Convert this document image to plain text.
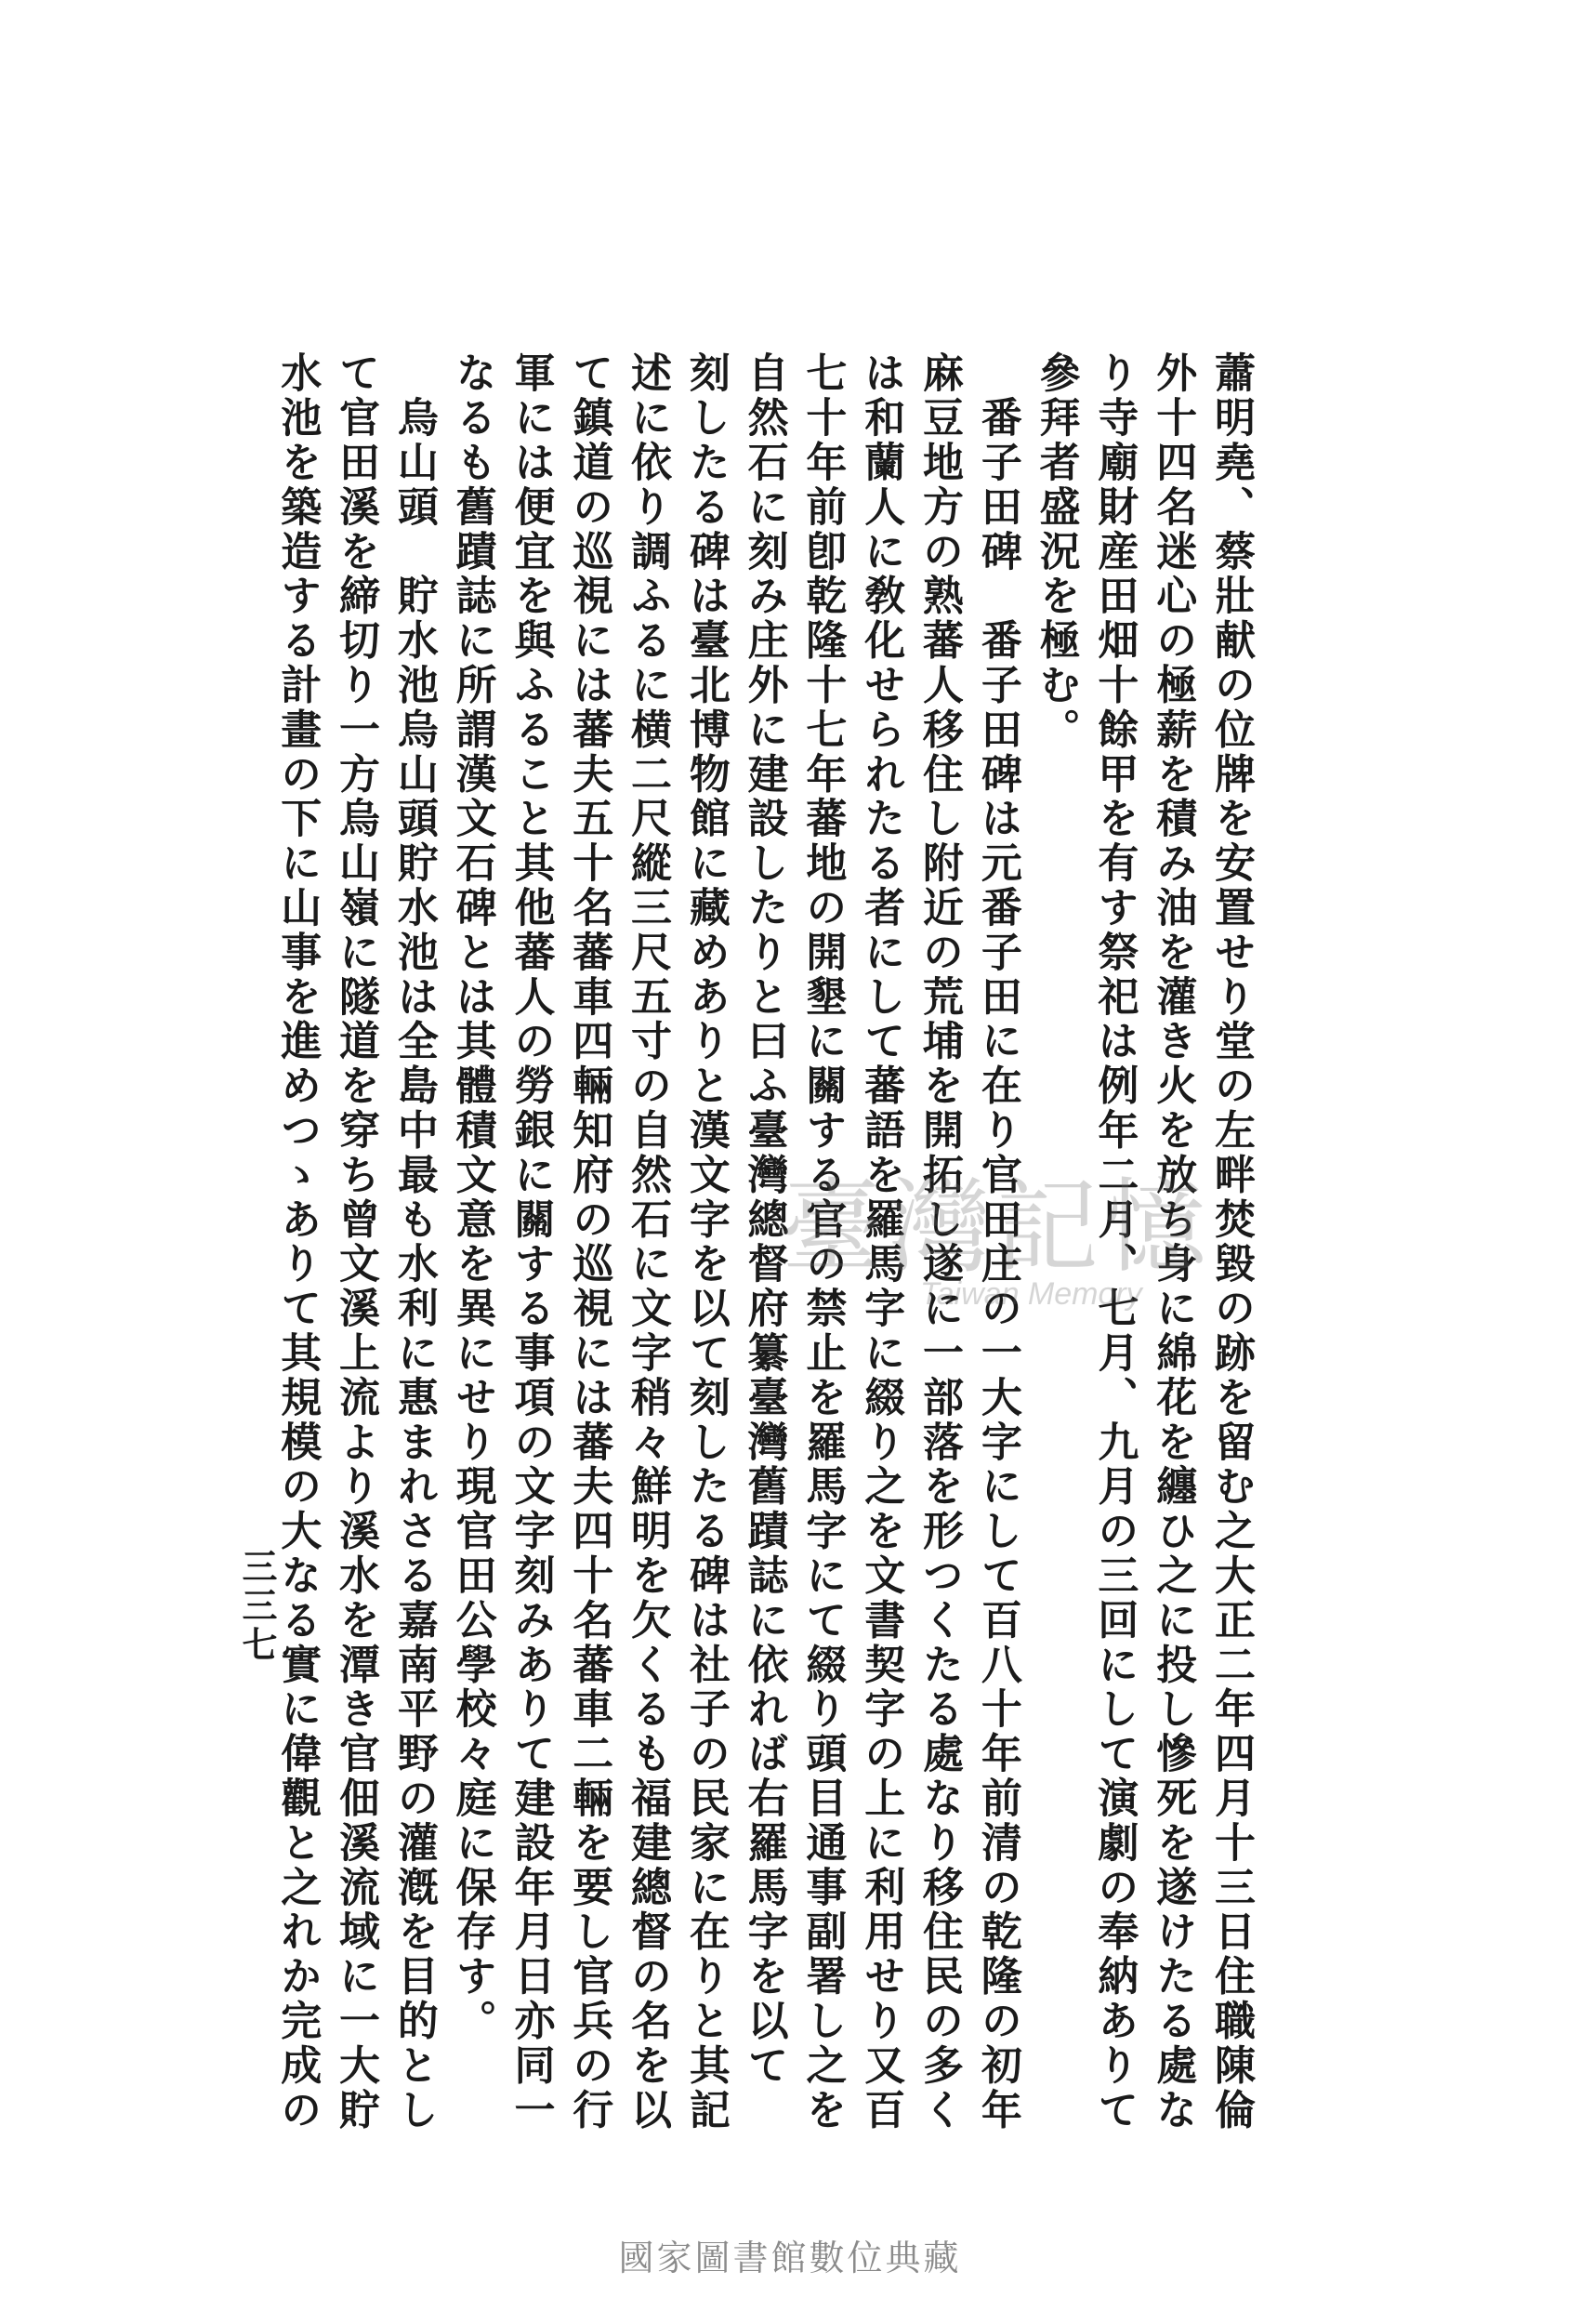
蕭明堯、蔡壯献の位牌を安置せり堂の左畔焚毀の跡を留む之大正二年四月十三日住職陳倫
外十四名迷心の極薪を積み油を灌き火を放ち身に綿花を纏ひ之に投し慘死を遂けたる處な
り寺廟財産田畑十餘甲を有す祭祀は例年二月、七月、九月の三回にして演劇の奉納ありて
參拜者盛況を極む。
　番子田碑　番子田碑は元番子田に在り官田庄の一大字にして百八十年前清の乾隆の初年
麻豆地方の熟蕃人移住し附近の荒埔を開拓し遂に一部落を形つくたる處なり移住民の多く
は和蘭人に敎化せられたる者にして蕃語を羅馬字に綴り之を文書契字の上に利用せり又百
七十年前卽乾隆十七年蕃地の開墾に關する官の禁止を羅馬字にて綴り頭目通事副署し之を
自然石に刻み庄外に建設したりと曰ふ臺灣總督府纂臺灣舊蹟誌に依れば右羅馬字を以て
刻したる碑は臺北博物館に藏めありと漢文字を以て刻したる碑は社子の民家に在りと其記
述に依り調ふるに横二尺縱三尺五寸の自然石に文字稍々鮮明を欠くるも福建總督の名を以
て鎮道の巡視には蕃夫五十名蕃車四輛知府の巡視には蕃夫四十名蕃車二輛を要し官兵の行
軍には便宜を與ふること其他蕃人の勞銀に關する事項の文字刻みありて建設年月日亦同一
なるも舊蹟誌に所謂漢文石碑とは其體積文意を異にせり現官田公學校々庭に保存す。
　烏山頭　貯水池烏山頭貯水池は全島中最も水利に惠まれさる嘉南平野の灌漑を目的とし
て官田溪を締切り一方烏山嶺に隧道を穿ち曾文溪上流より溪水を潭き官佃溪流域に一大貯
水池を築造する計畫の下に山事を進めつゝありて其規模の大なる實に偉觀と之れか完成の
三三七
臺灣記憶
Taiwan Memory
國家圖書館數位典藏
